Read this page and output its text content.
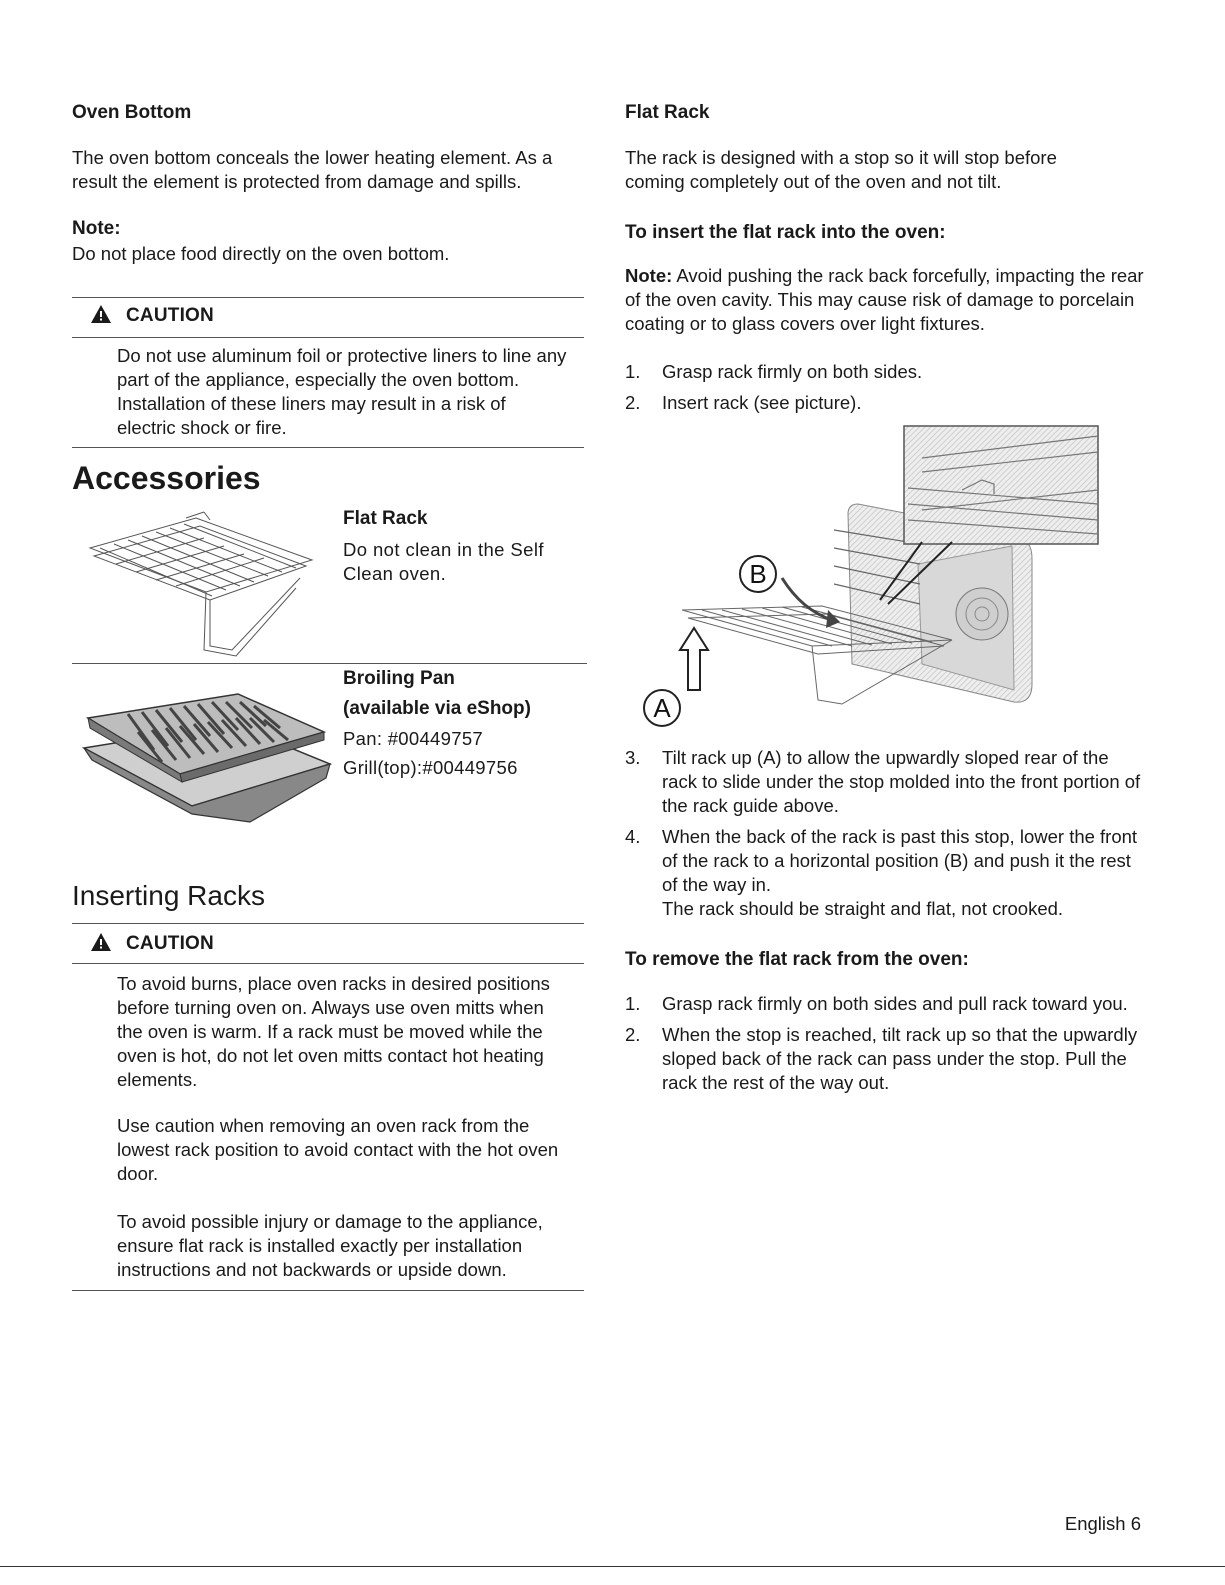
Oven Bottom
The oven bottom conceals the lower heating element. As a result the element is protected from damage and spills.
Note:
Do not place food directly on the oven bottom.
CAUTION
Do not use aluminum foil or protective liners to line any part of the appliance, especially the oven bottom. Installation of these liners may result in a risk of electric shock or fire.
Accessories
Flat Rack
Do not clean in the Self Clean oven.
Broiling Pan
(available via eShop)
Pan: #00449757
Grill(top):#00449756
Inserting Racks
CAUTION
To avoid burns, place oven racks in desired positions before turning oven on. Always use oven mitts when the oven is warm. If a rack must be moved while the oven is hot, do not let oven mitts contact hot heating elements.
Use caution when removing an oven rack from the lowest rack position to avoid contact with the hot oven door.
To avoid possible injury or damage to the appliance, ensure flat rack is installed exactly per installation instructions and not backwards or upside down.
Flat Rack
The rack is designed with a stop so it will stop before coming completely out of the oven and not tilt.
To insert the flat rack into the oven:
Note: Avoid pushing the rack back forcefully, impacting the rear of the oven cavity. This may cause risk of damage to porcelain coating or to glass covers over light fixtures.
1. Grasp rack firmly on both sides.
2. Insert rack (see picture).
B
A
3. Tilt rack up (A) to allow the upwardly sloped rear of the rack to slide under the stop molded into the front portion of the rack guide above.
4. When the back of the rack is past this stop, lower the front of the rack to a horizontal position (B) and push it the rest of the way in.
The rack should be straight and flat, not crooked.
To remove the flat rack from the oven:
1. Grasp rack firmly on both sides and pull rack toward you.
2. When the stop is reached, tilt rack up so that the upwardly sloped back of the rack can pass under the stop. Pull the rack the rest of the way out.
English 6
